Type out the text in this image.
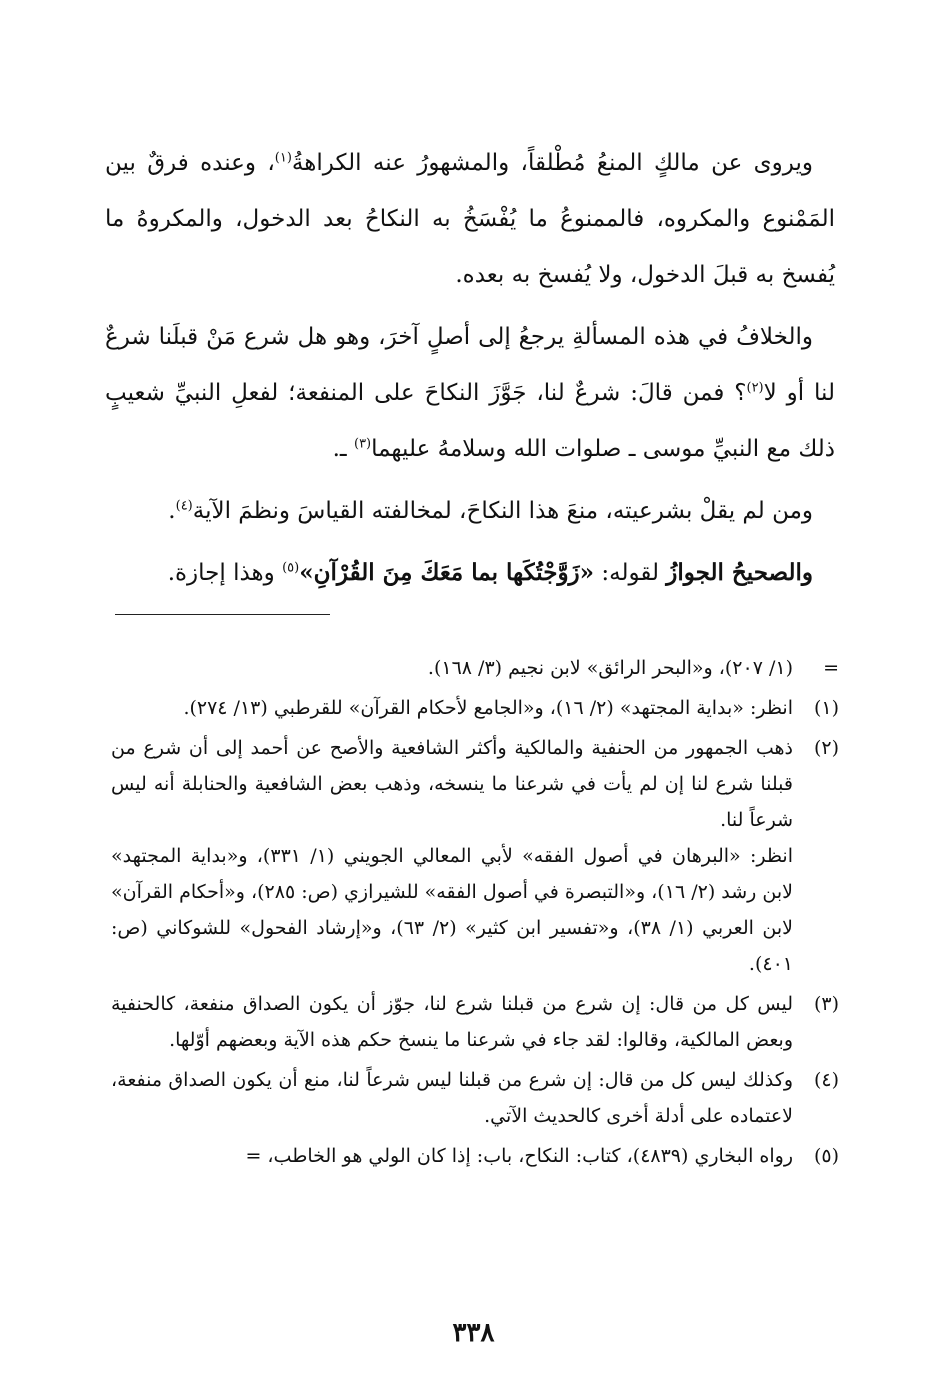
ويروى عن مالكٍ المنعُ مُطْلقاً، والمشهورُ عنه الكراهةُ$^{(١)}$، وعنده فرقٌ بين المَمْنوع والمكروه، فالممنوعُ ما يُفْسَخُ به النكاحُ بعد الدخول، والمكروهُ ما يُفسخ به قبلَ الدخول، ولا يُفسخ به بعده.

والخلافُ في هذه المسألةِ يرجعُ إلى أصلٍ آخرَ، وهو هل شرع مَنْ قبلَنا شرعٌ لنا أو لا$^{(٢)}$؟ فمن قالَ: شرعٌ لنا، جَوَّزَ النكاحَ على المنفعة؛ لفعلِ النبيِّ شعيبٍ ذلك مع النبيِّ موسى ـ صلوات الله وسلامهُ عليهما$^{(٣)}$ ـ.

ومن لم يقلْ بشرعيته، منعَ هذا النكاحَ، لمخالفته القياسَ ونظمَ الآية$^{(٤)}$.

والصحيحُ الجوازُ لقوله: «زَوَّجْتُكَها بما مَعَكَ مِنَ القُرْآنِ»$^{(٥)}$ وهذا إجازة.

=

(١/ ٢٠٧)، و«البحر الرائق» لابن نجيم (٣/ ١٦٨).

(١)

انظر: «بداية المجتهد» (٢/ ١٦)، و«الجامع لأحكام القرآن» للقرطبي (١٣/ ٢٧٤).

(٢)

ذهب الجمهور من الحنفية والمالكية وأكثر الشافعية والأصح عن أحمد إلى أن شرع من قبلنا شرع لنا إن لم يأت في شرعنا ما ينسخه، وذهب بعض الشافعية والحنابلة أنه ليس شرعاً لنا.

انظر: «البرهان في أصول الفقه» لأبي المعالي الجويني (١/ ٣٣١)، و«بداية المجتهد» لابن رشد (٢/ ١٦)، و«التبصرة في أصول الفقه» للشيرازي (ص: ٢٨٥)، و«أحكام القرآن» لابن العربي (١/ ٣٨)، و«تفسير ابن كثير» (٢/ ٦٣)، و«إرشاد الفحول» للشوكاني (ص: ٤٠١).

(٣)

ليس كل من قال: إن شرع من قبلنا شرع لنا، جوّز أن يكون الصداق منفعة، كالحنفية وبعض المالكية، وقالوا: لقد جاء في شرعنا ما ينسخ حكم هذه الآية وبعضهم أوّلها.

(٤)

وكذلك ليس كل من قال: إن شرع من قبلنا ليس شرعاً لنا، منع أن يكون الصداق منفعة، لاعتماده على أدلة أخرى كالحديث الآتي.

(٥)

رواه البخاري (٤٨٣٩)، كتاب: النكاح، باب: إذا كان الولي هو الخاطب، =

٣٣٨
